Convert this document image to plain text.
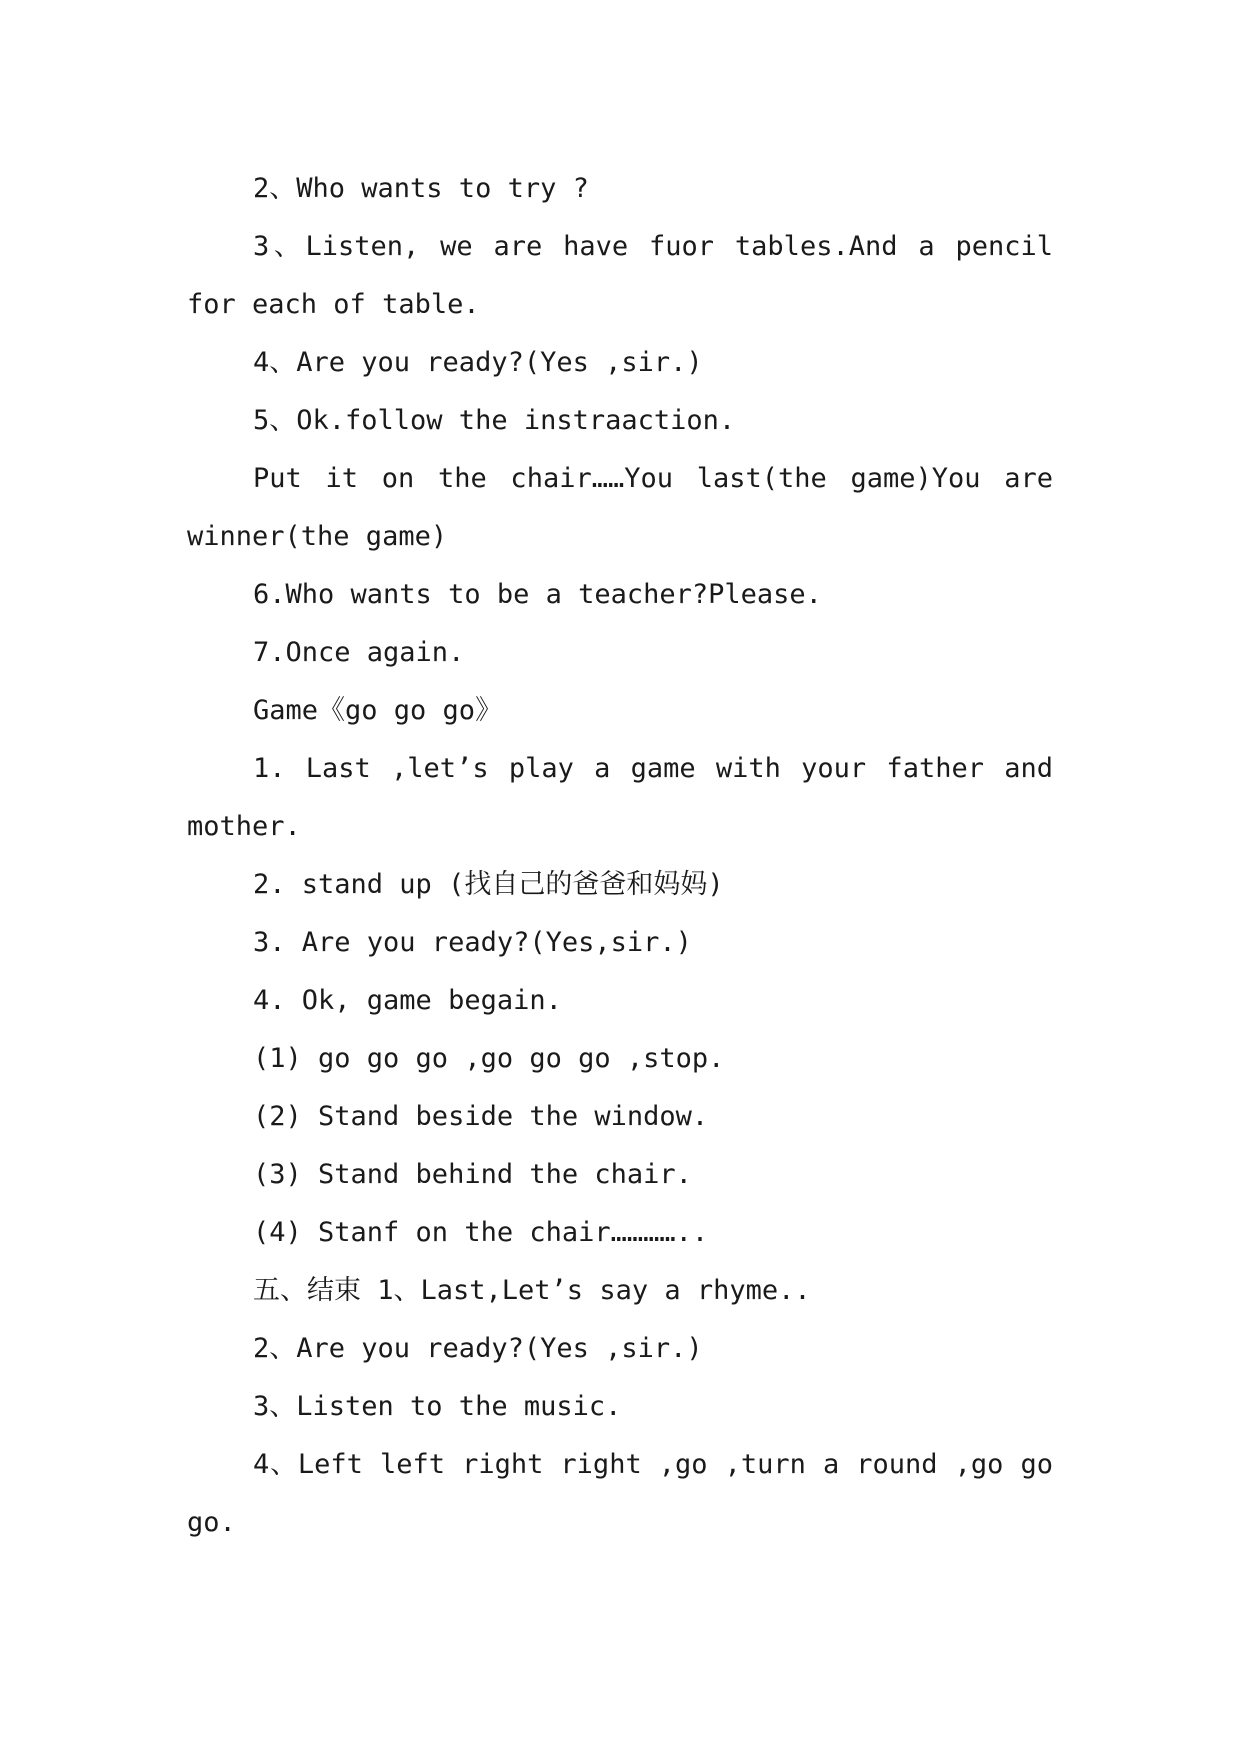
2、Who wants to try ?

3、Listen, we are have fuor tables.And a pencil for each of table.

4、Are you ready?(Yes ,sir.)

5、Ok.follow the instraaction.

Put it on the chair……You last(the game)You are winner(the game)

6.Who wants to be a teacher?Please.

7.Once again.

Game《go go go》

1. Last ,let’s play a game with your father and mother.

2. stand up (找自己的爸爸和妈妈)

3. Are you ready?(Yes,sir.)

4. Ok, game begain.

(1) go go go ,go go go ,stop.

(2) Stand beside the window.

(3) Stand behind the chair.

(4) Stanf on the chair…………..

五、结束 1、Last,Let’s say a rhyme..

2、Are you ready?(Yes ,sir.)

3、Listen to the music.

4、Left left right right ,go ,turn a round ,go go go.
